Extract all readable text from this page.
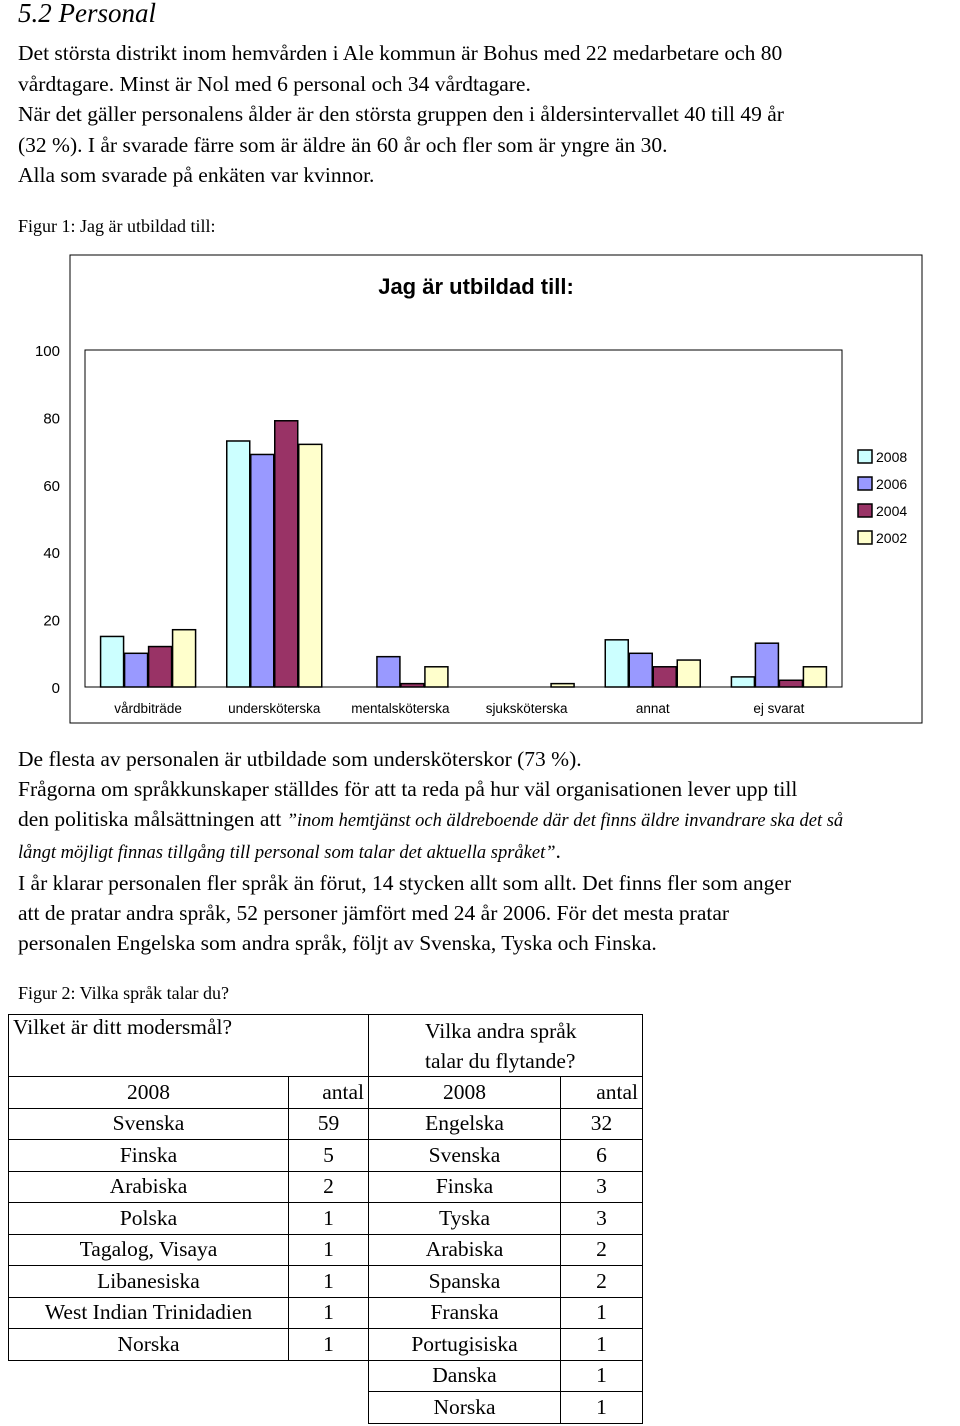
5.2 Personal
Det största distrikt inom hemvården i Ale kommun är Bohus med 22 medarbetare och 80
vårdtagare. Minst är Nol med 6 personal och 34 vårdtagare.
När det gäller personalens ålder är den största gruppen den i åldersintervallet 40 till 49 år
(32 %). I år svarade färre som är äldre än 60 år och fler som är yngre än 30.
Alla som svarade på enkäten var kvinnor.
Figur 1: Jag är utbildad till:
Jag är utbildad till:
0
20
40
60
80
100
vårdbiträde	undersköterska mentalsköterska	sjuksköterska	annat	ej svarat
2008
2006
2004
2002
De flesta av personalen är utbildade som undersköterskor (73 %).
Frågorna om språkkunskaper ställdes för att ta reda på hur väl organisationen lever upp till
den politiska målsättningen att ”inom hemtjänst och äldreboende där det finns äldre invandrare ska det så
långt möjligt finnas tillgång till personal som talar det aktuella språket”.
I år klarar personalen fler språk än förut, 14 stycken allt som allt. Det finns fler som anger
att de pratar andra språk, 52 personer jämfört med 24 år 2006. För det mesta pratar
personalen Engelska som andra språk, följt av Svenska, Tyska och Finska.
Figur 2: Vilka språk talar du?
Vilket är ditt modersmål?		Vilka andra språk
talar du flytande?	
2008	antal	2008	antal
Svenska	59	Engelska	32
Finska	5	Svenska	6
Arabiska	2	Finska	3
Polska	1	Tyska	3
Tagalog, Visaya	1	Arabiska	2
Libanesiska	1	Spanska	2
West Indian Trinidadien	1	Franska	1
Norska	1	Portugisiska	1
		Danska	1
		Norska	1
